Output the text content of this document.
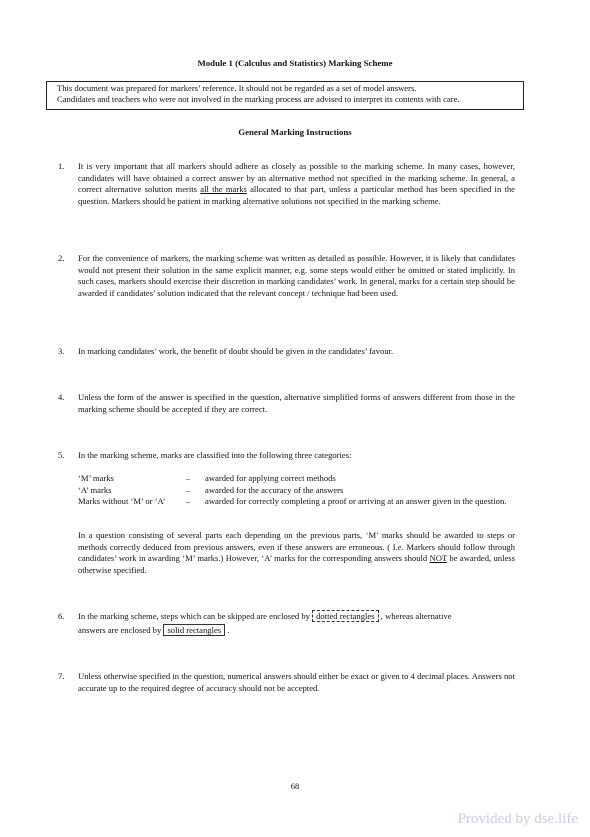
Module 1 (Calculus and Statistics) Marking Scheme
This document was prepared for markers’ reference. It should not be regarded as a set of model answers.
Candidates and teachers who were not involved in the marking process are advised to interpret its contents with care.
General Marking Instructions
1.	It is very important that all markers should adhere as closely as possible to the marking scheme. In many cases, however, candidates will have obtained a correct answer by an alternative method not specified in the marking scheme. In general, a correct alternative solution merits all the marks allocated to that part, unless a particular method has been specified in the question. Markers should be patient in marking alternative solutions not specified in the marking scheme.
2.	For the convenience of markers, the marking scheme was written as detailed as possible. However, it is likely that candidates would not present their solution in the same explicit manner, e.g. some steps would either be omitted or stated implicitly. In such cases, markers should exercise their discretion in marking candidates’ work. In general, marks for a certain step should be awarded if candidates’ solution indicated that the relevant concept / technique had been used.
3.	In marking candidates’ work, the benefit of doubt should be given in the candidates’ favour.
4.	Unless the form of the answer is specified in the question, alternative simplified forms of answers different from those in the marking scheme should be accepted if they are correct.
5.	In the marking scheme, marks are classified into the following three categories:
‘M’ marks	–	awarded for applying correct methods
‘A’ marks	–	awarded for the accuracy of the answers
Marks without ‘M’ or ‘A’	–	awarded for correctly completing a proof or arriving at an answer given in the question.
In a question consisting of several parts each depending on the previous parts, ‘M’ marks should be awarded to steps or methods correctly deduced from previous answers, even if these answers are erroneous. ( I.e. Markers should follow through candidates’ work in awarding ‘M’ marks.) However, ‘A’ marks for the corresponding answers should NOT be awarded, unless otherwise specified.
6.	In the marking scheme, steps which can be skipped are enclosed by dotted rectangles , whereas alternative
answers are enclosed by solid rectangles .
7.	Unless otherwise specified in the question, numerical answers should either be exact or given to 4 decimal places. Answers not accurate up to the required degree of accuracy should not be accepted.
68
Provided by dse.life
